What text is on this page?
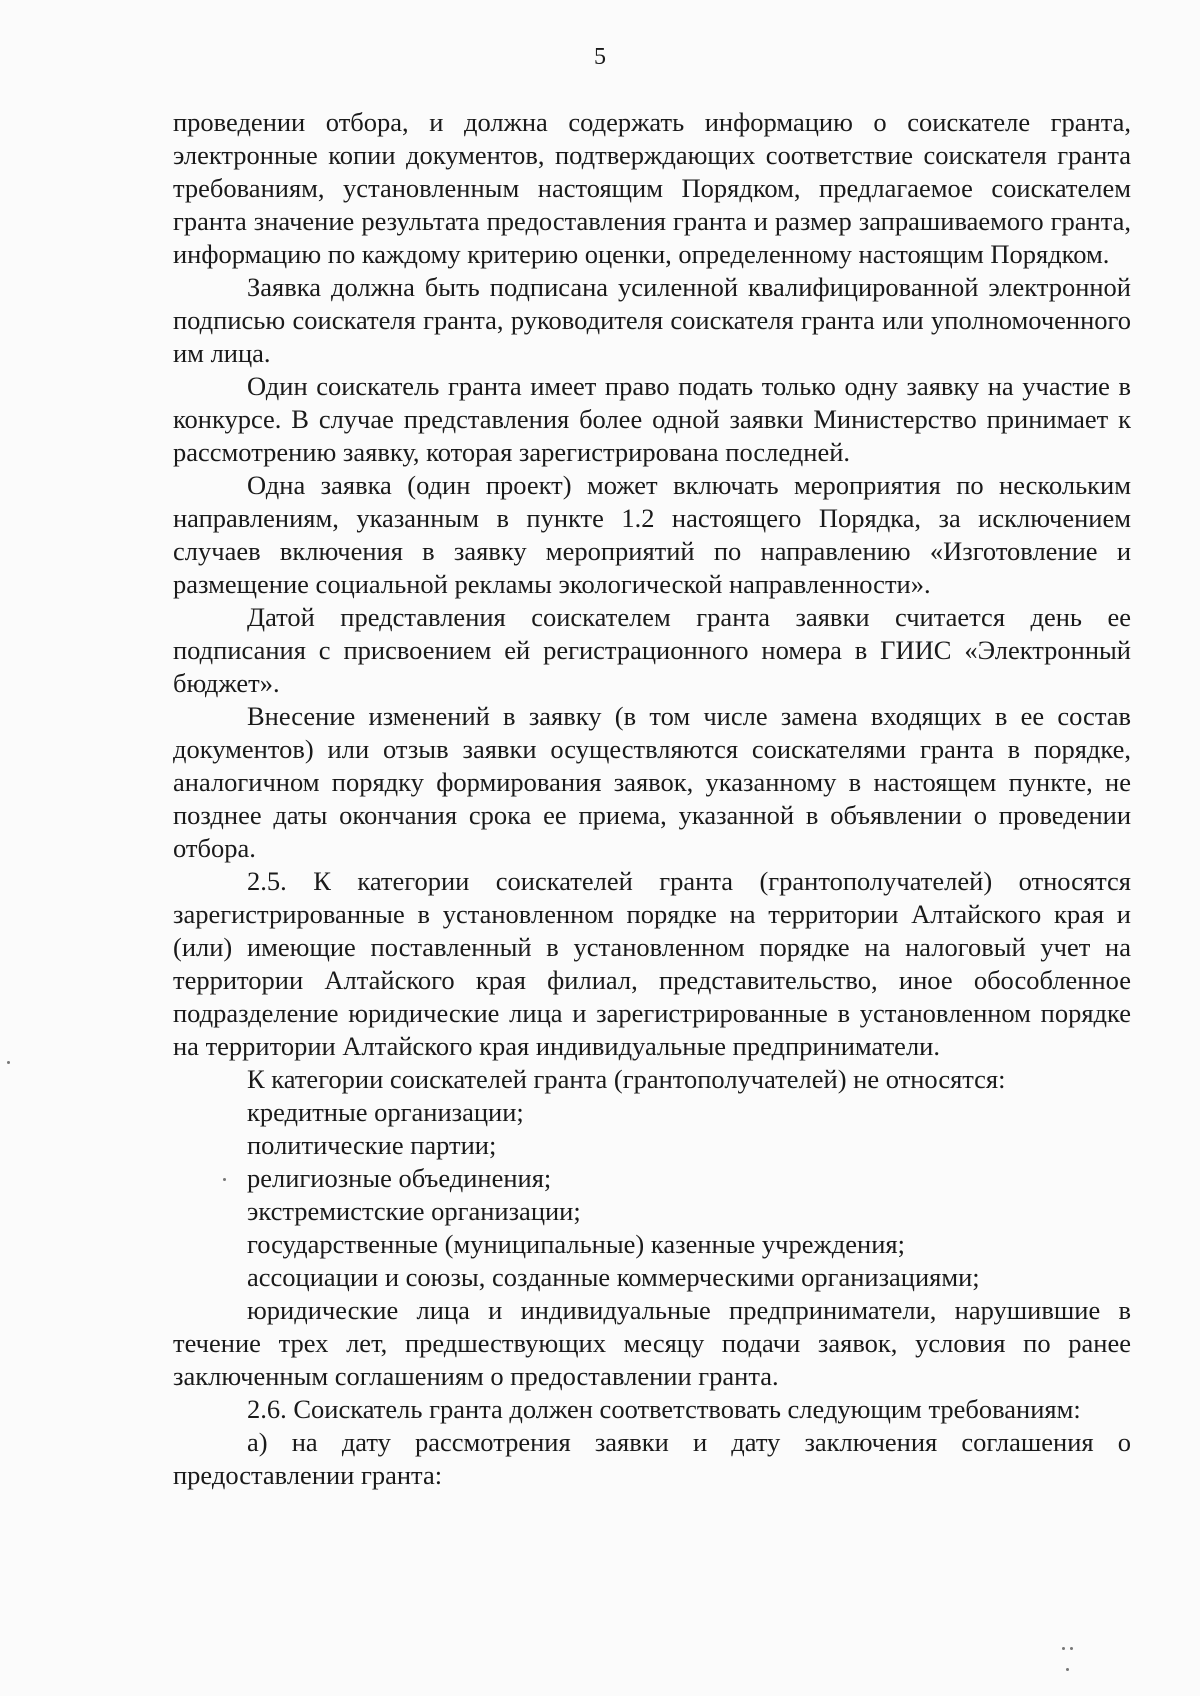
5

проведении отбора, и должна содержать информацию о соискателе гранта, электронные копии документов, подтверждающих соответствие соискателя гранта требованиям, установленным настоящим Порядком, предлагаемое соискателем гранта значение результата предоставления гранта и размер запрашиваемого гранта, информацию по каждому критерию оценки, определенному настоящим Порядком.

Заявка должна быть подписана усиленной квалифицированной электронной подписью соискателя гранта, руководителя соискателя гранта или уполномоченного им лица.

Один соискатель гранта имеет право подать только одну заявку на участие в конкурсе. В случае представления более одной заявки Министерство принимает к рассмотрению заявку, которая зарегистрирована последней.

Одна заявка (один проект) может включать мероприятия по нескольким направлениям, указанным в пункте 1.2 настоящего Порядка, за исключением случаев включения в заявку мероприятий по направлению «Изготовление и размещение социальной рекламы экологической направленности».

Датой представления соискателем гранта заявки считается день ее подписания с присвоением ей регистрационного номера в ГИИС «Электронный бюджет».

Внесение изменений в заявку (в том числе замена входящих в ее состав документов) или отзыв заявки осуществляются соискателями гранта в порядке, аналогичном порядку формирования заявок, указанному в настоящем пункте, не позднее даты окончания срока ее приема, указанной в объявлении о проведении отбора.

2.5. К категории соискателей гранта (грантополучателей) относятся зарегистрированные в установленном порядке на территории Алтайского края и (или) имеющие поставленный в установленном порядке на налоговый учет на территории Алтайского края филиал, представительство, иное обособленное подразделение юридические лица и зарегистрированные в установленном порядке на территории Алтайского края индивидуальные предприниматели.

К категории соискателей гранта (грантополучателей) не относятся:

кредитные организации;

политические партии;

религиозные объединения;

экстремистские организации;

государственные (муниципальные) казенные учреждения;

ассоциации и союзы, созданные коммерческими организациями;

юридические лица и индивидуальные предприниматели, нарушившие в течение трех лет, предшествующих месяцу подачи заявок, условия по ранее заключенным соглашениям о предоставлении гранта.

2.6. Соискатель гранта должен соответствовать следующим требованиям:

а) на дату рассмотрения заявки и дату заключения соглашения о предоставлении гранта:
